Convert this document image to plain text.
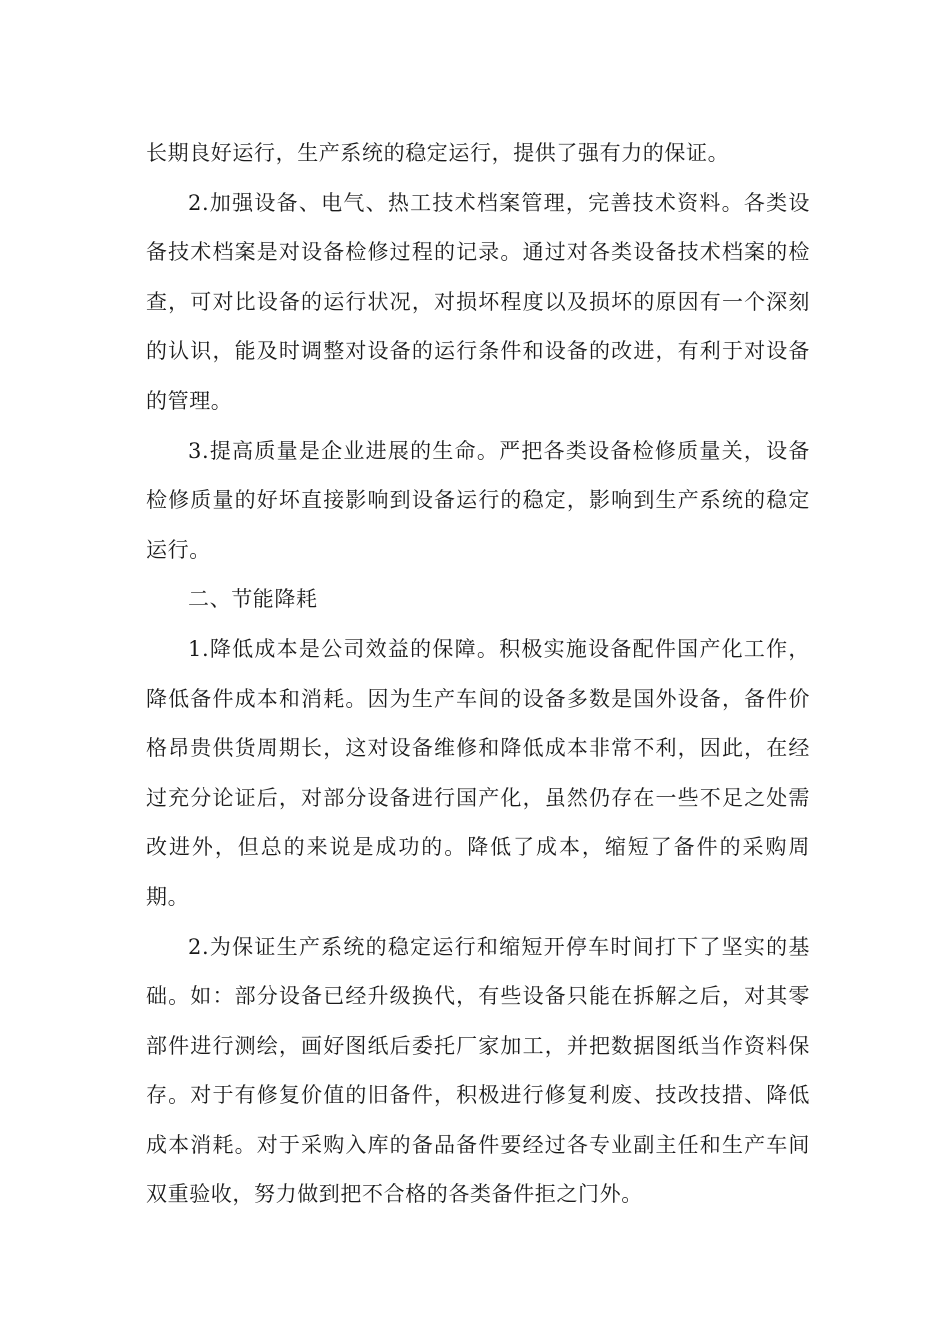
长期良好运行，生产系统的稳定运行，提供了强有力的保证。

2.加强设备、电气、热工技术档案管理，完善技术资料。各类设备技术档案是对设备检修过程的记录。通过对各类设备技术档案的检查，可对比设备的运行状况，对损坏程度以及损坏的原因有一个深刻的认识，能及时调整对设备的运行条件和设备的改进，有利于对设备的管理。

3.提高质量是企业进展的生命。严把各类设备检修质量关，设备检修质量的好坏直接影响到设备运行的稳定，影响到生产系统的稳定运行。

二、节能降耗

1.降低成本是公司效益的保障。积极实施设备配件国产化工作，降低备件成本和消耗。因为生产车间的设备多数是国外设备，备件价格昂贵供货周期长，这对设备维修和降低成本非常不利，因此，在经过充分论证后，对部分设备进行国产化，虽然仍存在一些不足之处需改进外，但总的来说是成功的。降低了成本，缩短了备件的采购周期。

2.为保证生产系统的稳定运行和缩短开停车时间打下了坚实的基础。如：部分设备已经升级换代，有些设备只能在拆解之后，对其零部件进行测绘，画好图纸后委托厂家加工，并把数据图纸当作资料保存。对于有修复价值的旧备件，积极进行修复利废、技改技措、降低成本消耗。对于采购入库的备品备件要经过各专业副主任和生产车间双重验收，努力做到把不合格的各类备件拒之门外。
